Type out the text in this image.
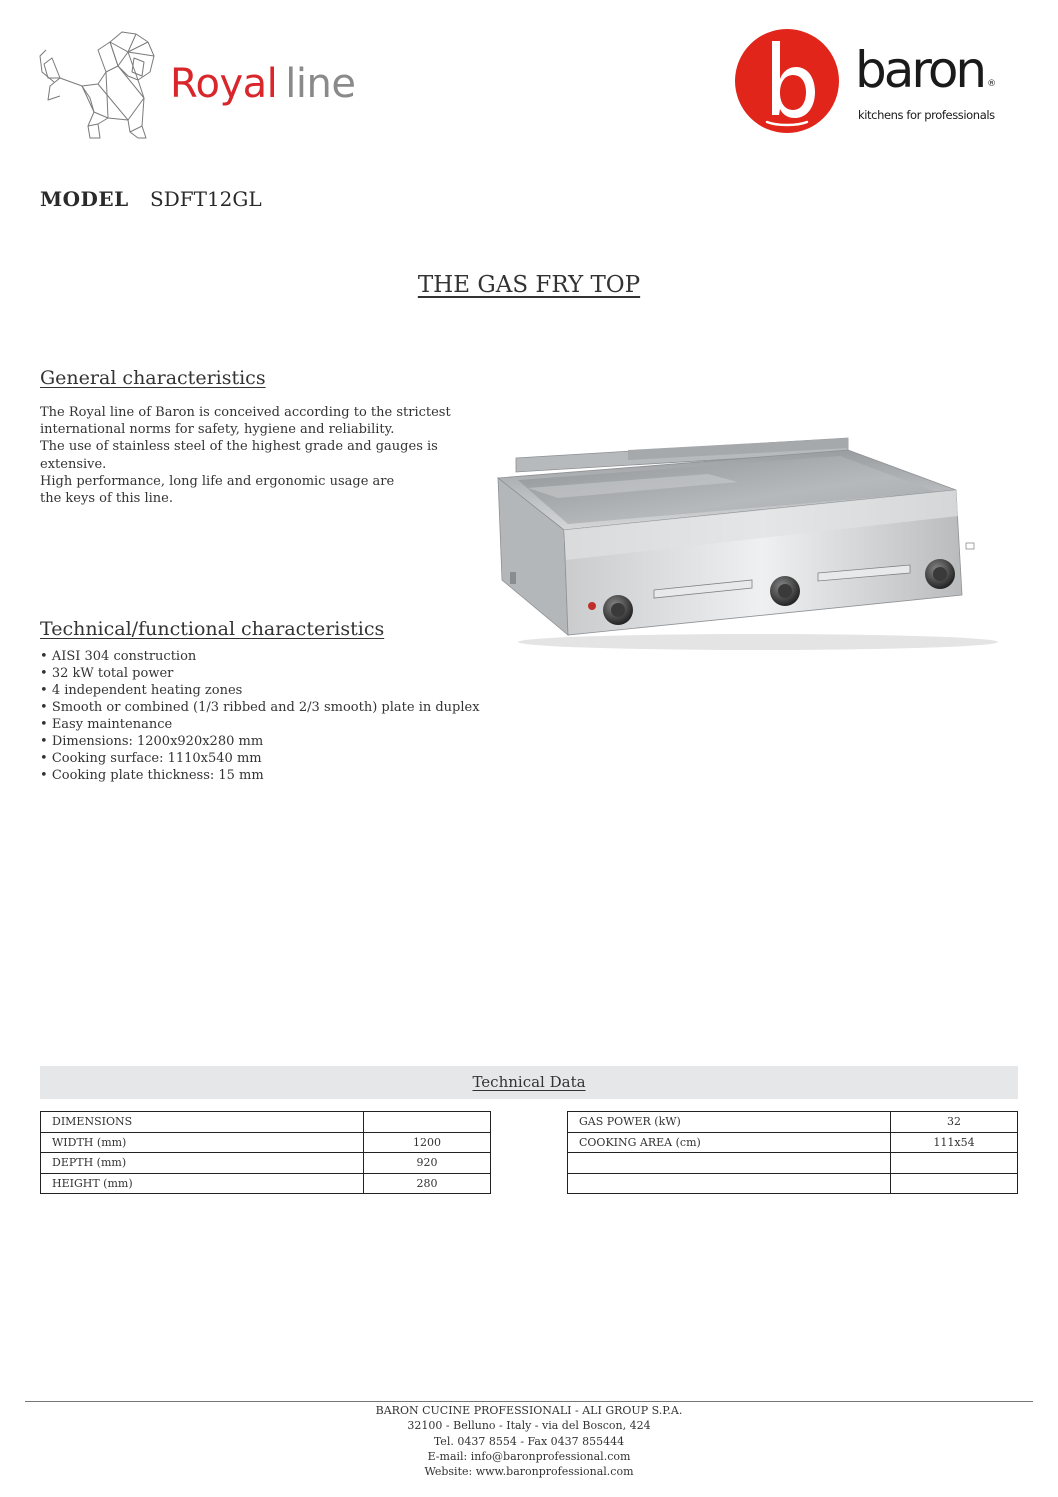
Royal line	baron ®
kitchens for professionals
MODEL SDFT12GL
THE GAS FRY TOP
General characteristics
The Royal line of Baron is conceived according to the strictest
international norms for safety, hygiene and reliability.
The use of stainless steel of the highest grade and gauges is
extensive.
High performance, long life and ergonomic usage are
the keys of this line.
Technical/functional characteristics
• AISI 304 construction
• 32 kW total power
• 4 independent heating zones
• Smooth or combined (1/3 ribbed and 2/3 smooth) plate in duplex
• Easy maintenance
• Dimensions: 1200x920x280 mm
• Cooking surface: 1110x540 mm
• Cooking plate thickness: 15 mm
Technical Data
DIMENSIONS	
WIDTH (mm)	1200
DEPTH (mm)	920
HEIGHT (mm)	280
GAS POWER (kW)	32
COOKING AREA (cm)	111x54

BARON CUCINE PROFESSIONALI - ALI GROUP S.P.A.
32100 - Belluno - Italy - via del Boscon, 424
Tel. 0437 8554 - Fax 0437 855444
E-mail: info@baronprofessional.com
Website: www.baronprofessional.com
